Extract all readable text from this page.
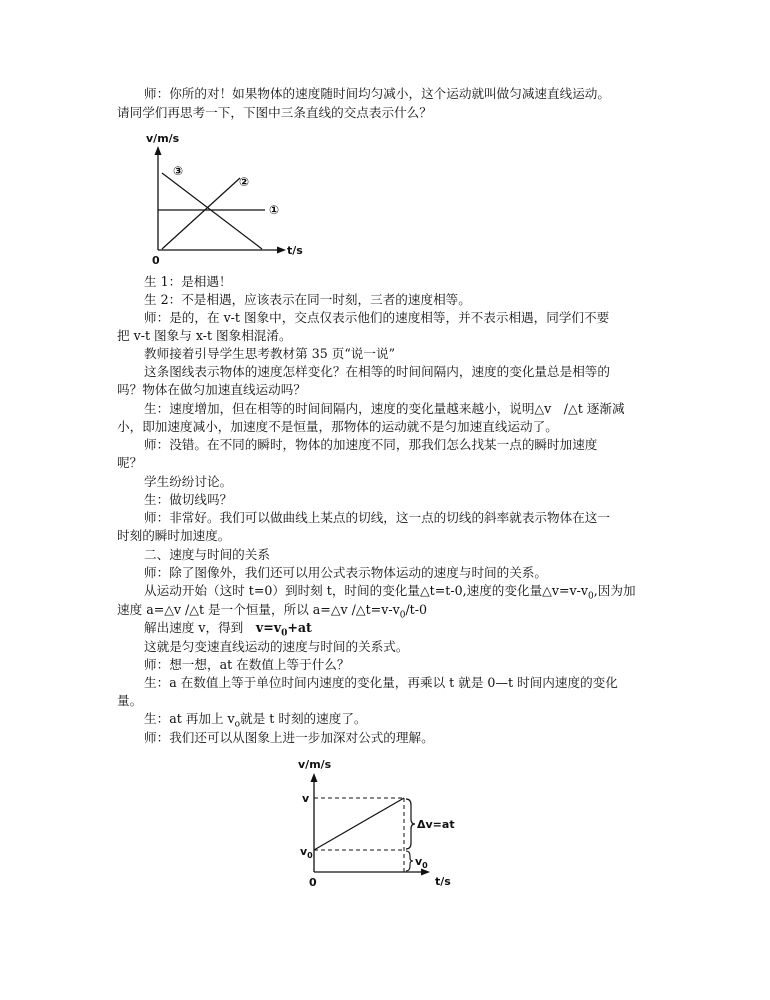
师：你所的对！如果物体的速度随时间均匀减小，这个运动就叫做匀减速直线运动。

请同学们再思考一下，下图中三条直线的交点表示什么？

v/m/s
t/s
0
①
②
③

生 1：是相遇！

生 2：不是相遇，应该表示在同一时刻，三者的速度相等。

师：是的，在 v-t 图象中，交点仅表示他们的速度相等，并不表示相遇，同学们不要

把 v-t 图象与 x-t 图象相混淆。

教师接着引导学生思考教材第 35 页“说一说”

这条图线表示物体的速度怎样变化？在相等的时间间隔内，速度的变化量总是相等的

吗？物体在做匀加速直线运动吗？

生：速度增加，但在相等的时间间隔内，速度的变化量越来越小，说明△v　/△t 逐渐减

小，即加速度减小，加速度不是恒量，那物体的运动就不是匀加速直线运动了。

师：没错。在不同的瞬时，物体的加速度不同，那我们怎么找某一点的瞬时加速度

呢？

学生纷纷讨论。

生：做切线吗？

师：非常好。我们可以做曲线上某点的切线，这一点的切线的斜率就表示物体在这一

时刻的瞬时加速度。

二、速度与时间的关系

师：除了图像外，我们还可以用公式表示物体运动的速度与时间的关系。

从运动开始（这时 t=0）到时刻 t，时间的变化量△t=t-0,速度的变化量$\triangle v=v-v_0$,因为加

速度 a=△v /△t 是一个恒量，所以 a=△v $/\triangle t=v-v_0/t-0$

解出速度 v，得到　$v=v_0+at$

这就是匀变速直线运动的速度与时间的关系式。

师：想一想，at 在数值上等于什么？

生：a 在数值上等于单位时间内速度的变化量，再乘以 t 就是 0—t 时间内速度的变化

量。

生：at 再加上 $v_o$就是 t 时刻的速度了。

师：我们还可以从图象上进一步加深对公式的理解。

v/m/s
t/s
0
v
$v_0$
Δv=at
$v_0$
